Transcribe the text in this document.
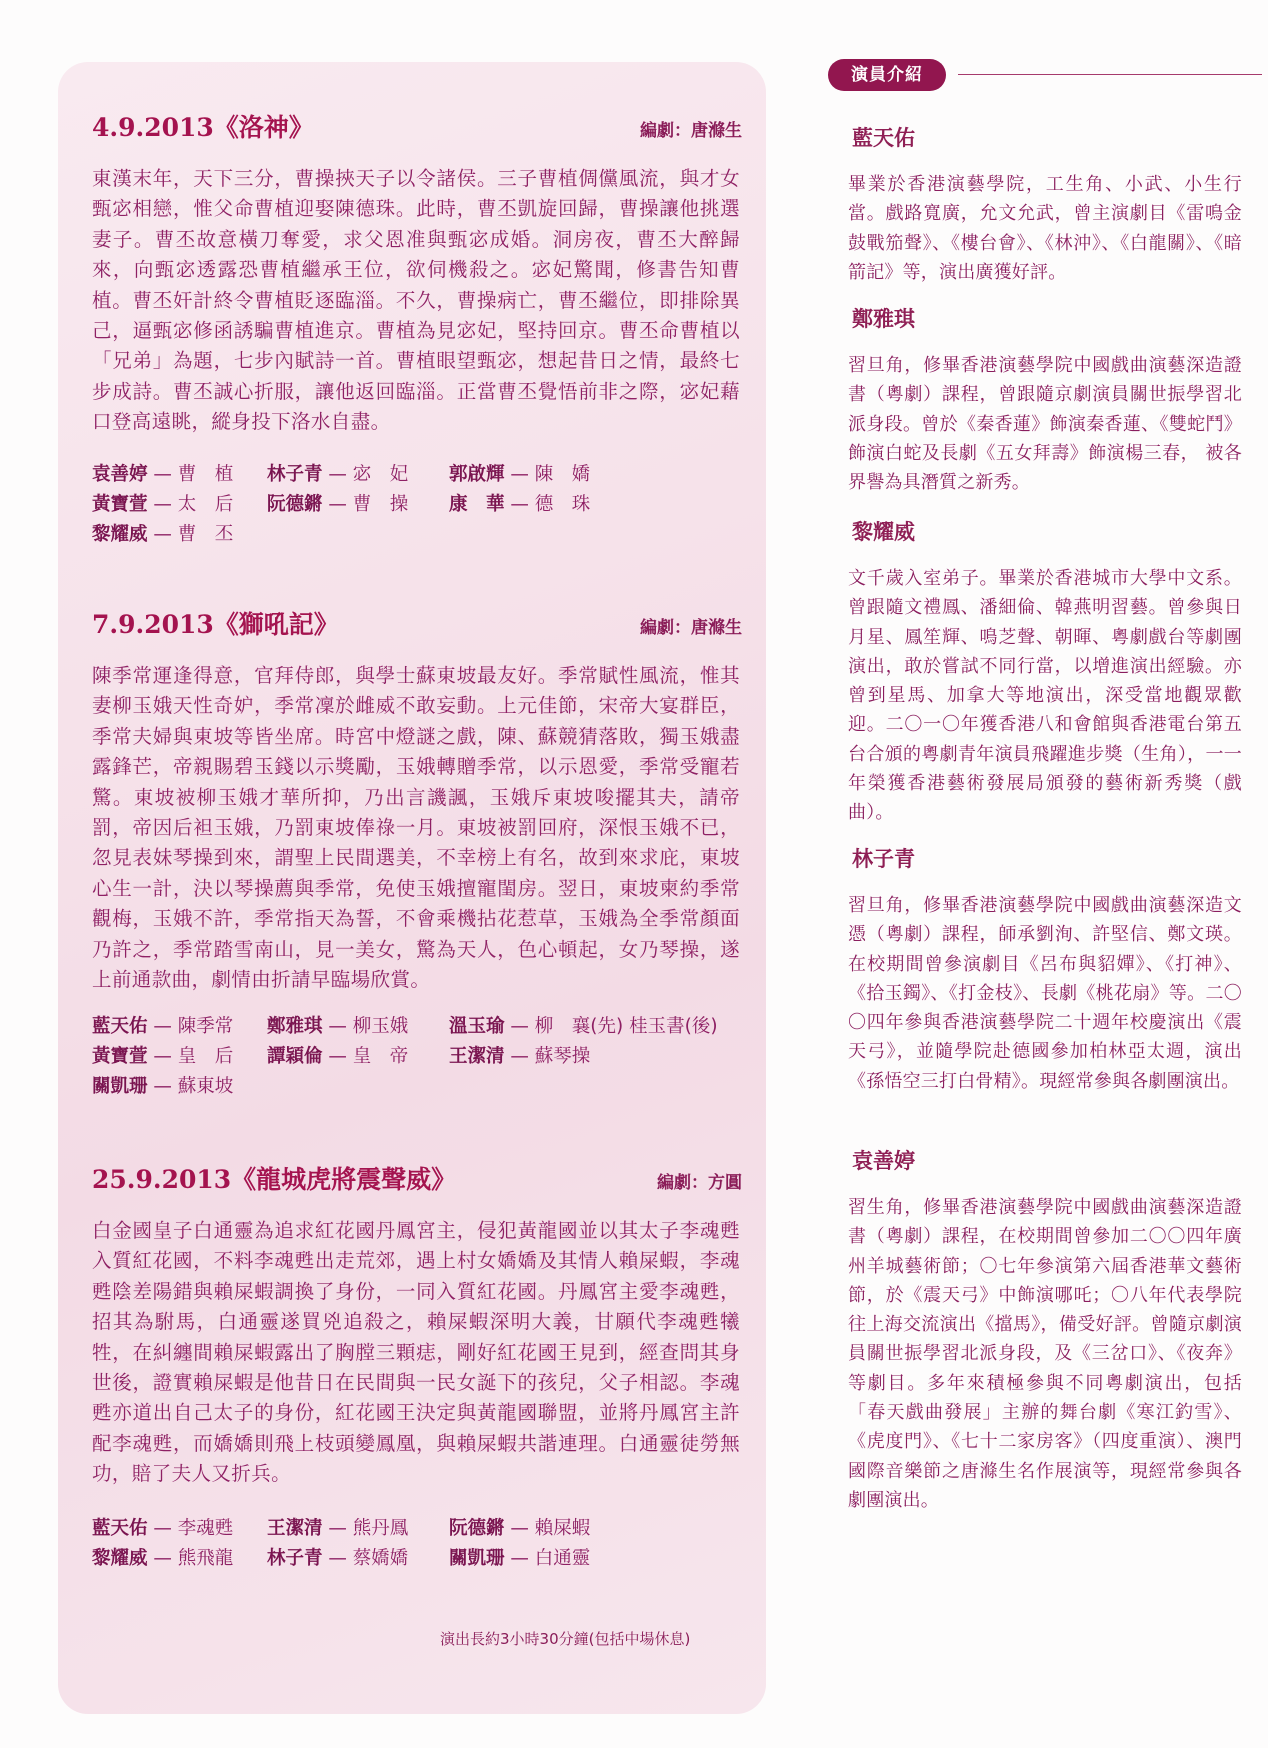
4.9.2013《洛神》	編劇：唐滌生

東漢末年，天下三分，曹操挾天子以令諸侯。三子曹植倜儻風流，與才女甄宓相戀，惟父命曹植迎娶陳德珠。此時，曹丕凱旋回歸，曹操讓他挑選妻子。曹丕故意橫刀奪愛，求父恩准與甄宓成婚。洞房夜，曹丕大醉歸來，向甄宓透露恐曹植繼承王位，欲伺機殺之。宓妃驚聞，修書告知曹植。曹丕奸計終令曹植貶逐臨淄。不久，曹操病亡，曹丕繼位，即排除異己，逼甄宓修函誘騙曹植進京。曹植為見宓妃，堅持回京。曹丕命曹植以「兄弟」為題，七步內賦詩一首。曹植眼望甄宓，想起昔日之情，最終七步成詩。曹丕誠心折服，讓他返回臨淄。正當曹丕覺悟前非之際，宓妃藉口登高遠眺，縱身投下洛水自盡。

袁善婷 — 曹　植 林子青 — 宓　妃 郭啟輝 — 陳　嬌
黃寶萱 — 太　后 阮德鏘 — 曹　操 康　華 — 德　珠
黎耀威 — 曹　丕
7.9.2013《獅吼記》	編劇：唐滌生

陳季常運逢得意，官拜侍郎，與學士蘇東坡最友好。季常賦性風流，惟其妻柳玉娥天性奇妒，季常凜於雌威不敢妄動。上元佳節，宋帝大宴群臣，季常夫婦與東坡等皆坐席。時宮中燈謎之戲，陳、蘇競猜落敗，獨玉娥盡露鋒芒，帝親賜碧玉錢以示獎勵，玉娥轉贈季常，以示恩愛，季常受寵若驚。東坡被柳玉娥才華所抑，乃出言譏諷，玉娥斥東坡唆擺其夫，請帝罰，帝因后袒玉娥，乃罰東坡俸祿一月。東坡被罰回府，深恨玉娥不已，忽見表妹琴操到來，謂聖上民間選美，不幸榜上有名，故到來求庇，東坡心生一計，決以琴操薦與季常，免使玉娥擅寵閨房。翌日，東坡柬約季常觀梅，玉娥不許，季常指天為誓，不會乘機拈花惹草，玉娥為全季常顏面乃許之，季常踏雪南山，見一美女，驚為天人，色心頓起，女乃琴操，遂上前通款曲，劇情由折請早臨場欣賞。

藍天佑 — 陳季常 鄭雅琪 — 柳玉娥 溫玉瑜 — 柳　襄(先) 桂玉書(後)
黃寶萱 — 皇　后 譚穎倫 — 皇　帝 王潔清 — 蘇琴操
關凱珊 — 蘇東坡
25.9.2013《龍城虎將震聲威》	編劇：方圓

白金國皇子白通靈為追求紅花國丹鳳宮主，侵犯黃龍國並以其太子李魂甦入質紅花國，不料李魂甦出走荒郊，遇上村女嬌嬌及其情人賴屎蝦，李魂甦陰差陽錯與賴屎蝦調換了身份，一同入質紅花國。丹鳳宮主愛李魂甦，招其為駙馬，白通靈遂買兇追殺之，賴屎蝦深明大義，甘願代李魂甦犧牲，在糾纏間賴屎蝦露出了胸膛三顆痣，剛好紅花國王見到，經查問其身世後，證實賴屎蝦是他昔日在民間與一民女誕下的孩兒，父子相認。李魂甦亦道出自己太子的身份，紅花國王決定與黃龍國聯盟，並將丹鳳宮主許配李魂甦，而嬌嬌則飛上枝頭變鳳凰，與賴屎蝦共諧連理。白通靈徒勞無功，賠了夫人又折兵。

藍天佑 — 李魂甦 王潔清 — 熊丹鳳 阮德鏘 — 賴屎蝦
黎耀威 — 熊飛龍 林子青 — 蔡嬌嬌 關凱珊 — 白通靈
演出長約3小時30分鐘(包括中場休息)
演員介紹
藍天佑

畢業於香港演藝學院，工生角、小武、小生行當。戲路寬廣，允文允武，曾主演劇目《雷鳴金鼓戰笳聲》、《樓台會》、《林沖》、《白龍關》、《暗箭記》等，演出廣獲好評。

鄭雅琪

習旦角，修畢香港演藝學院中國戲曲演藝深造證書（粵劇）課程，曾跟隨京劇演員關世振學習北派身段。曾於《秦香蓮》飾演秦香蓮、《雙蛇鬥》飾演白蛇及長劇《五女拜壽》飾演楊三春， 被各界譽為具潛質之新秀。

黎耀威

文千歲入室弟子。畢業於香港城市大學中文系。曾跟隨文禮鳳、潘細倫、韓燕明習藝。曾參與日月星、鳳笙輝、鳴芝聲、朝暉、粵劇戲台等劇團演出，敢於嘗試不同行當，以增進演出經驗。亦曾到星馬、加拿大等地演出，深受當地觀眾歡迎。二〇一〇年獲香港八和會館與香港電台第五台合頒的粵劇青年演員飛躍進步獎（生角），一一年榮獲香港藝術發展局頒發的藝術新秀獎（戲曲）。

林子青

習旦角，修畢香港演藝學院中國戲曲演藝深造文憑（粵劇）課程，師承劉洵、許堅信、鄭文瑛。在校期間曾參演劇目《呂布與貂嬋》、《打神》、《拾玉鐲》、《打金枝》、長劇《桃花扇》等。二〇〇四年參與香港演藝學院二十週年校慶演出《震天弓》，並隨學院赴德國參加柏林亞太週，演出《孫悟空三打白骨精》。現經常參與各劇團演出。

袁善婷

習生角，修畢香港演藝學院中國戲曲演藝深造證書（粵劇）課程，在校期間曾參加二〇〇四年廣州羊城藝術節；〇七年參演第六屆香港華文藝術節，於《震天弓》中飾演哪吒；〇八年代表學院往上海交流演出《擋馬》，備受好評。曾隨京劇演員關世振學習北派身段，及《三岔口》、《夜奔》等劇目。多年來積極參與不同粵劇演出，包括「春天戲曲發展」主辦的舞台劇《寒江釣雪》、《虎度門》、《七十二家房客》（四度重演）、澳門國際音樂節之唐滌生名作展演等，現經常參與各劇團演出。
